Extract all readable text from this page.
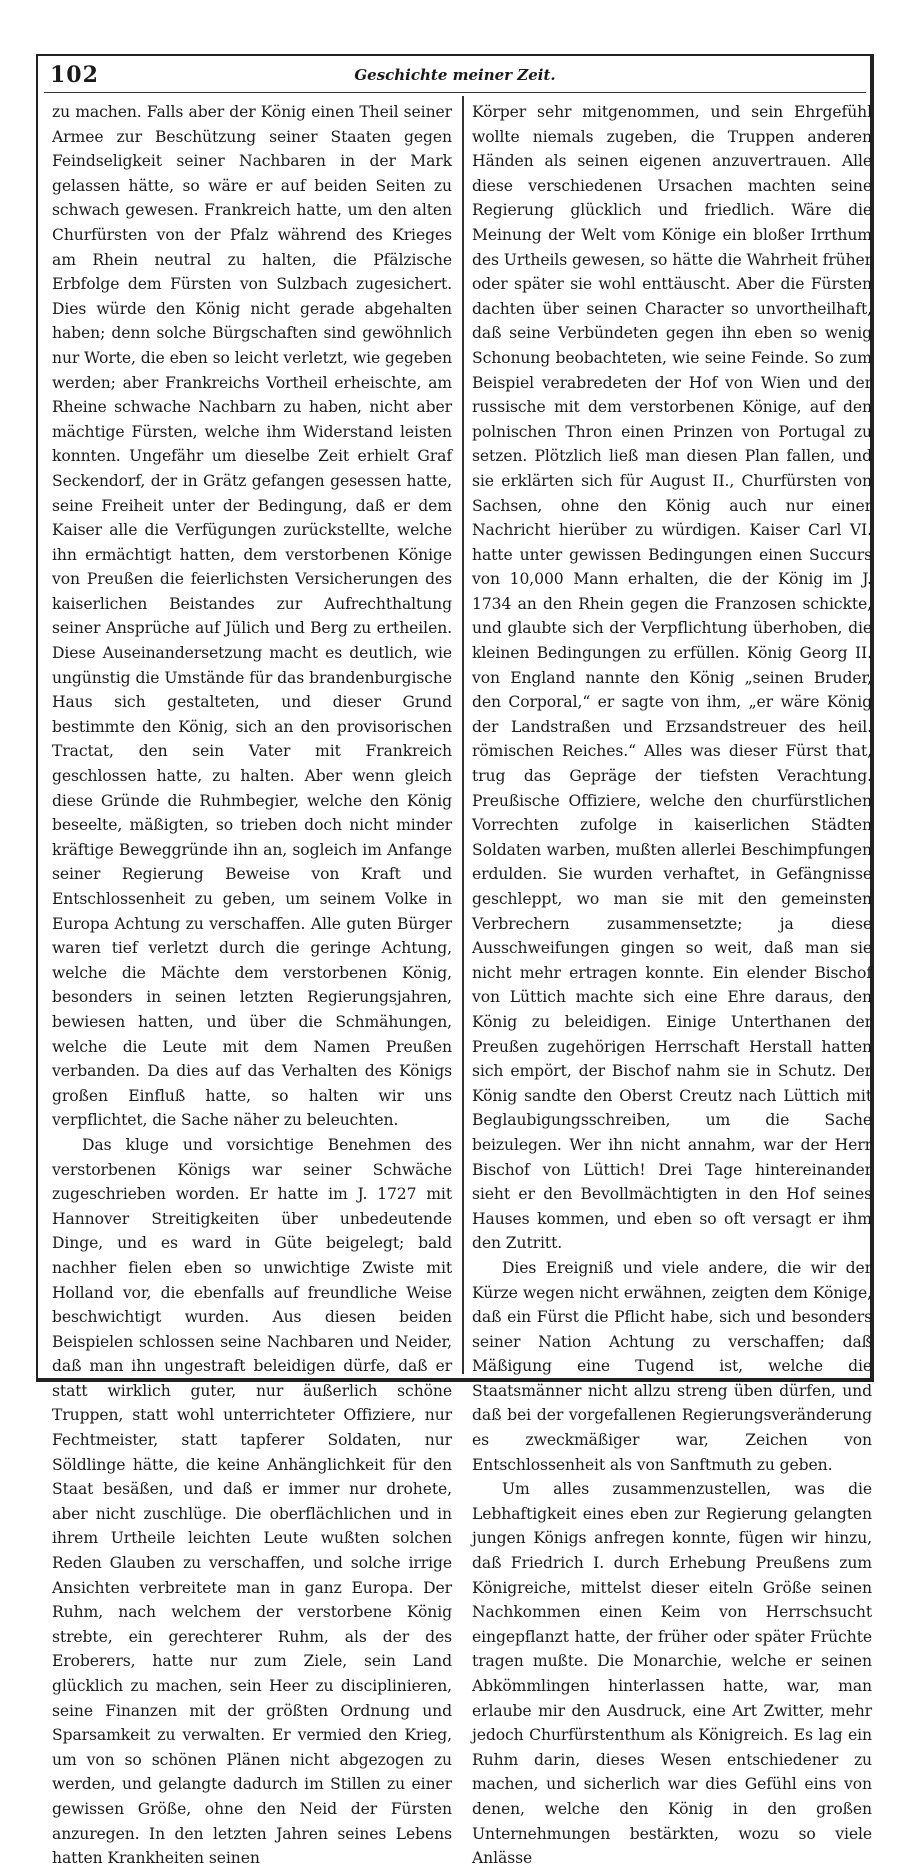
102	Geschichte meiner Zeit.

zu machen. Falls aber der König einen Theil seiner Armee zur Beschützung seiner Staaten gegen Feindseligkeit seiner Nachbaren in der Mark gelassen hätte, so wäre er auf beiden Seiten zu schwach gewesen. Frankreich hatte, um den alten Churfürsten von der Pfalz während des Krieges am Rhein neutral zu halten, die Pfälzische Erbfolge dem Fürsten von Sulzbach zugesichert. Dies würde den König nicht gerade abgehalten haben; denn solche Bürgschaften sind gewöhnlich nur Worte, die eben so leicht verletzt, wie gegeben werden; aber Frankreichs Vortheil erheischte, am Rheine schwache Nachbarn zu haben, nicht aber mächtige Fürsten, welche ihm Widerstand leisten konnten. Ungefähr um dieselbe Zeit erhielt Graf Seckendorf, der in Grätz gefangen gesessen hatte, seine Freiheit unter der Bedingung, daß er dem Kaiser alle die Verfügungen zurückstellte, welche ihn ermächtigt hatten, dem verstorbenen Könige von Preußen die feierlichsten Versicherungen des kaiserlichen Beistandes zur Aufrechthaltung seiner Ansprüche auf Jülich und Berg zu ertheilen. Diese Auseinandersetzung macht es deutlich, wie ungünstig die Umstände für das brandenburgische Haus sich gestalteten, und dieser Grund bestimmte den König, sich an den provisorischen Tractat, den sein Vater mit Frankreich geschlossen hatte, zu halten. Aber wenn gleich diese Gründe die Ruhmbegier, welche den König beseelte, mäßigten, so trieben doch nicht minder kräftige Beweggründe ihn an, sogleich im Anfange seiner Regierung Beweise von Kraft und Entschlossenheit zu geben, um seinem Volke in Europa Achtung zu verschaffen. Alle guten Bürger waren tief verletzt durch die geringe Achtung, welche die Mächte dem verstorbenen König, besonders in seinen letzten Regierungsjahren, bewiesen hatten, und über die Schmähungen, welche die Leute mit dem Namen Preußen verbanden. Da dies auf das Verhalten des Königs großen Einfluß hatte, so halten wir uns verpflichtet, die Sache näher zu beleuchten.

Das kluge und vorsichtige Benehmen des verstorbenen Königs war seiner Schwäche zugeschrieben worden. Er hatte im J. 1727 mit Hannover Streitigkeiten über unbedeutende Dinge, und es ward in Güte beigelegt; bald nachher fielen eben so unwichtige Zwiste mit Holland vor, die ebenfalls auf freundliche Weise beschwichtigt wurden. Aus diesen beiden Beispielen schlossen seine Nachbaren und Neider, daß man ihn ungestraft beleidigen dürfe, daß er statt wirklich guter, nur äußerlich schöne Truppen, statt wohl unterrichteter Offiziere, nur Fechtmeister, statt tapferer Soldaten, nur Söldlinge hätte, die keine Anhänglichkeit für den Staat besäßen, und daß er immer nur drohete, aber nicht zuschlüge. Die oberflächlichen und in ihrem Urtheile leichten Leute wußten solchen Reden Glauben zu verschaffen, und solche irrige Ansichten verbreitete man in ganz Europa. Der Ruhm, nach welchem der verstorbene König strebte, ein gerechterer Ruhm, als der des Eroberers, hatte nur zum Ziele, sein Land glücklich zu machen, sein Heer zu disciplinieren, seine Finanzen mit der größten Ordnung und Sparsamkeit zu verwalten. Er vermied den Krieg, um von so schönen Plänen nicht abgezogen zu werden, und gelangte dadurch im Stillen zu einer gewissen Größe, ohne den Neid der Fürsten anzuregen. In den letzten Jahren seines Lebens hatten Krankheiten seinen

Körper sehr mitgenommen, und sein Ehrgefühl wollte niemals zugeben, die Truppen anderen Händen als seinen eigenen anzuvertrauen. Alle diese verschiedenen Ursachen machten seine Regierung glücklich und friedlich. Wäre die Meinung der Welt vom Könige ein bloßer Irrthum des Urtheils gewesen, so hätte die Wahrheit früher oder später sie wohl enttäuscht. Aber die Fürsten dachten über seinen Character so unvortheilhaft, daß seine Verbündeten gegen ihn eben so wenig Schonung beobachteten, wie seine Feinde. So zum Beispiel verabredeten der Hof von Wien und der russische mit dem verstorbenen Könige, auf den polnischen Thron einen Prinzen von Portugal zu setzen. Plötzlich ließ man diesen Plan fallen, und sie erklärten sich für August II., Churfürsten von Sachsen, ohne den König auch nur einer Nachricht hierüber zu würdigen. Kaiser Carl VI. hatte unter gewissen Bedingungen einen Succurs von 10,000 Mann erhalten, die der König im J. 1734 an den Rhein gegen die Franzosen schickte, und glaubte sich der Verpflichtung überhoben, die kleinen Bedingungen zu erfüllen. König Georg II. von England nannte den König „seinen Bruder, den Corporal,“ er sagte von ihm, „er wäre König der Landstraßen und Erzsandstreuer des heil. römischen Reiches.“ Alles was dieser Fürst that, trug das Gepräge der tiefsten Verachtung. Preußische Offiziere, welche den churfürstlichen Vorrechten zufolge in kaiserlichen Städten Soldaten warben, mußten allerlei Beschimpfungen erdulden. Sie wurden verhaftet, in Gefängnisse geschleppt, wo man sie mit den gemeinsten Verbrechern zusammensetzte; ja diese Ausschweifungen gingen so weit, daß man sie nicht mehr ertragen konnte. Ein elender Bischof von Lüttich machte sich eine Ehre daraus, den König zu beleidigen. Einige Unterthanen der Preußen zugehörigen Herrschaft Herstall hatten sich empört, der Bischof nahm sie in Schutz. Der König sandte den Oberst Creutz nach Lüttich mit Beglaubigungsschreiben, um die Sache beizulegen. Wer ihn nicht annahm, war der Herr Bischof von Lüttich! Drei Tage hintereinander sieht er den Bevollmächtigten in den Hof seines Hauses kommen, und eben so oft versagt er ihm den Zutritt.

Dies Ereigniß und viele andere, die wir der Kürze wegen nicht erwähnen, zeigten dem Könige, daß ein Fürst die Pflicht habe, sich und besonders seiner Nation Achtung zu verschaffen; daß Mäßigung eine Tugend ist, welche die Staatsmänner nicht allzu streng üben dürfen, und daß bei der vorgefallenen Regierungsveränderung es zweckmäßiger war, Zeichen von Entschlossenheit als von Sanftmuth zu geben.

Um alles zusammenzustellen, was die Lebhaftigkeit eines eben zur Regierung gelangten jungen Königs anfregen konnte, fügen wir hinzu, daß Friedrich I. durch Erhebung Preußens zum Königreiche, mittelst dieser eiteln Größe seinen Nachkommen einen Keim von Herrschsucht eingepflanzt hatte, der früher oder später Früchte tragen mußte. Die Monarchie, welche er seinen Abkömmlingen hinterlassen hatte, war, man erlaube mir den Ausdruck, eine Art Zwitter, mehr jedoch Churfürstenthum als Königreich. Es lag ein Ruhm darin, dieses Wesen entschiedener zu machen, und sicherlich war dies Gefühl eins von denen, welche den König in den großen Unternehmungen bestärkten, wozu so viele Anlässe
